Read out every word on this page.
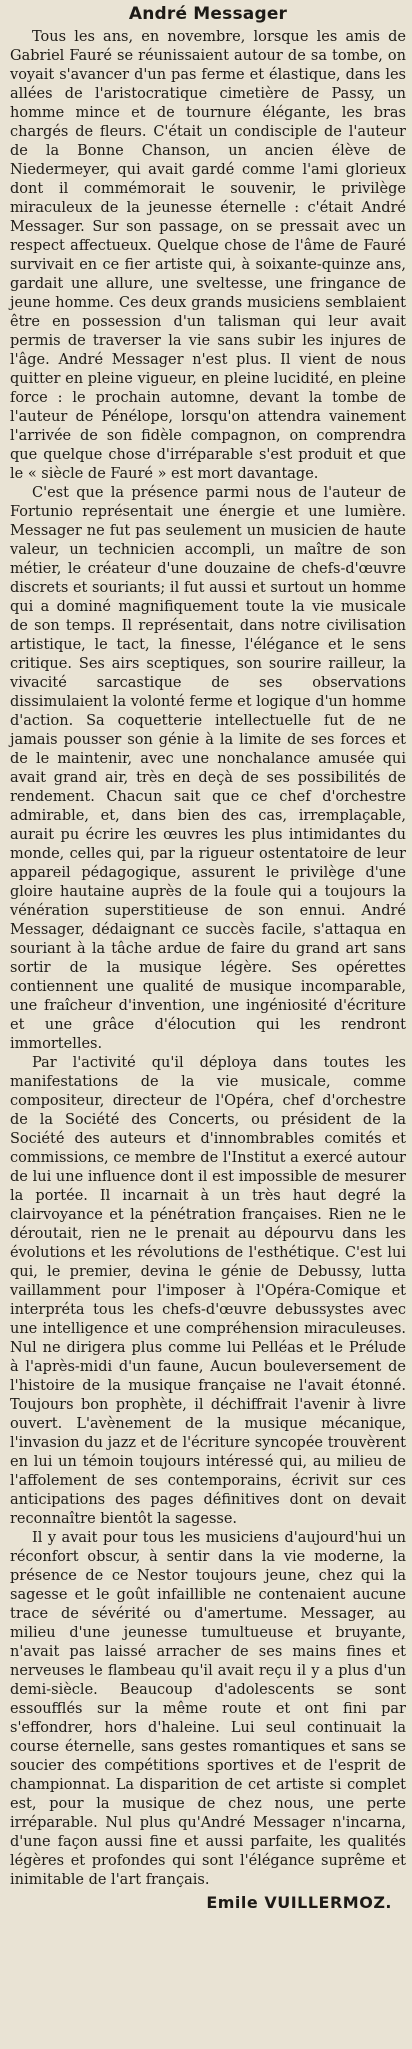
André Messager

Tous les ans, en novembre, lorsque les amis de Gabriel Fauré se réunissaient autour de sa tombe, on voyait s'avancer d'un pas ferme et élastique, dans les allées de l'aristocratique cimetière de Passy, un homme mince et de tournure élégante, les bras chargés de fleurs. C'était un condisciple de l'auteur de la Bonne Chanson, un ancien élève de Niedermeyer, qui avait gardé comme l'ami glorieux dont il commémorait le souvenir, le privilège miraculeux de la jeunesse éternelle : c'était André Messager. Sur son passage, on se pressait avec un respect affectueux. Quelque chose de l'âme de Fauré survivait en ce fier artiste qui, à soixante-quinze ans, gardait une allure, une sveltesse, une fringance de jeune homme. Ces deux grands musiciens semblaient être en possession d'un talisman qui leur avait permis de traverser la vie sans subir les injures de l'âge. André Messager n'est plus. Il vient de nous quitter en pleine vigueur, en pleine lucidité, en pleine force : le prochain automne, devant la tombe de l'auteur de Pénélope, lorsqu'on attendra vainement l'arrivée de son fidèle compagnon, on comprendra que quelque chose d'irréparable s'est produit et que le « siècle de Fauré » est mort davantage.

C'est que la présence parmi nous de l'auteur de Fortunio représentait une énergie et une lumière. Messager ne fut pas seulement un musicien de haute valeur, un technicien accompli, un maître de son métier, le créateur d'une douzaine de chefs-d'œuvre discrets et souriants; il fut aussi et surtout un homme qui a dominé magnifiquement toute la vie musicale de son temps. Il représentait, dans notre civilisation artistique, le tact, la finesse, l'élégance et le sens critique. Ses airs sceptiques, son sourire railleur, la vivacité sarcastique de ses observations dissimulaient la volonté ferme et logique d'un homme d'action. Sa coquetterie intellectuelle fut de ne jamais pousser son génie à la limite de ses forces et de le maintenir, avec une nonchalance amusée qui avait grand air, très en deçà de ses possibilités de rendement. Chacun sait que ce chef d'orchestre admirable, et, dans bien des cas, irremplaçable, aurait pu écrire les œuvres les plus intimidantes du monde, celles qui, par la rigueur ostentatoire de leur appareil pédagogique, assurent le privilège d'une gloire hautaine auprès de la foule qui a toujours la vénération superstitieuse de son ennui. André Messager, dédaignant ce succès facile, s'attaqua en souriant à la tâche ardue de faire du grand art sans sortir de la musique légère. Ses opérettes contiennent une qualité de musique incomparable, une fraîcheur d'invention, une ingéniosité d'écriture et une grâce d'élocution qui les rendront immortelles.

Par l'activité qu'il déploya dans toutes les manifestations de la vie musicale, comme compositeur, directeur de l'Opéra, chef d'orchestre de la Société des Concerts, ou président de la Société des auteurs et d'innombrables comités et commissions, ce membre de l'Institut a exercé autour de lui une influence dont il est impossible de mesurer la portée. Il incarnait à un très haut degré la clairvoyance et la pénétration françaises. Rien ne le déroutait, rien ne le prenait au dépourvu dans les évolutions et les révolutions de l'esthétique. C'est lui qui, le premier, devina le génie de Debussy, lutta vaillamment pour l'imposer à l'Opéra-Comique et interpréta tous les chefs-d'œuvre debussystes avec une intelligence et une compréhension miraculeuses. Nul ne dirigera plus comme lui Pelléas et le Prélude à l'après-midi d'un faune, Aucun bouleversement de l'histoire de la musique française ne l'avait étonné. Toujours bon prophète, il déchiffrait l'avenir à livre ouvert. L'avènement de la musique mécanique, l'invasion du jazz et de l'écriture syncopée trouvèrent en lui un témoin toujours intéressé qui, au milieu de l'affolement de ses contemporains, écrivit sur ces anticipations des pages définitives dont on devait reconnaître bientôt la sagesse.

Il y avait pour tous les musiciens d'aujourd'hui un réconfort obscur, à sentir dans la vie moderne, la présence de ce Nestor toujours jeune, chez qui la sagesse et le goût infaillible ne contenaient aucune trace de sévérité ou d'amertume. Messager, au milieu d'une jeunesse tumultueuse et bruyante, n'avait pas laissé arracher de ses mains fines et nerveuses le flambeau qu'il avait reçu il y a plus d'un demi-siècle. Beaucoup d'adolescents se sont essoufflés sur la même route et ont fini par s'effondrer, hors d'haleine. Lui seul continuait la course éternelle, sans gestes romantiques et sans se soucier des compétitions sportives et de l'esprit de championnat. La disparition de cet artiste si complet est, pour la musique de chez nous, une perte irréparable. Nul plus qu'André Messager n'incarna, d'une façon aussi fine et aussi parfaite, les qualités légères et profondes qui sont l'élégance suprême et inimitable de l'art français.

Emile VUILLERMOZ.
